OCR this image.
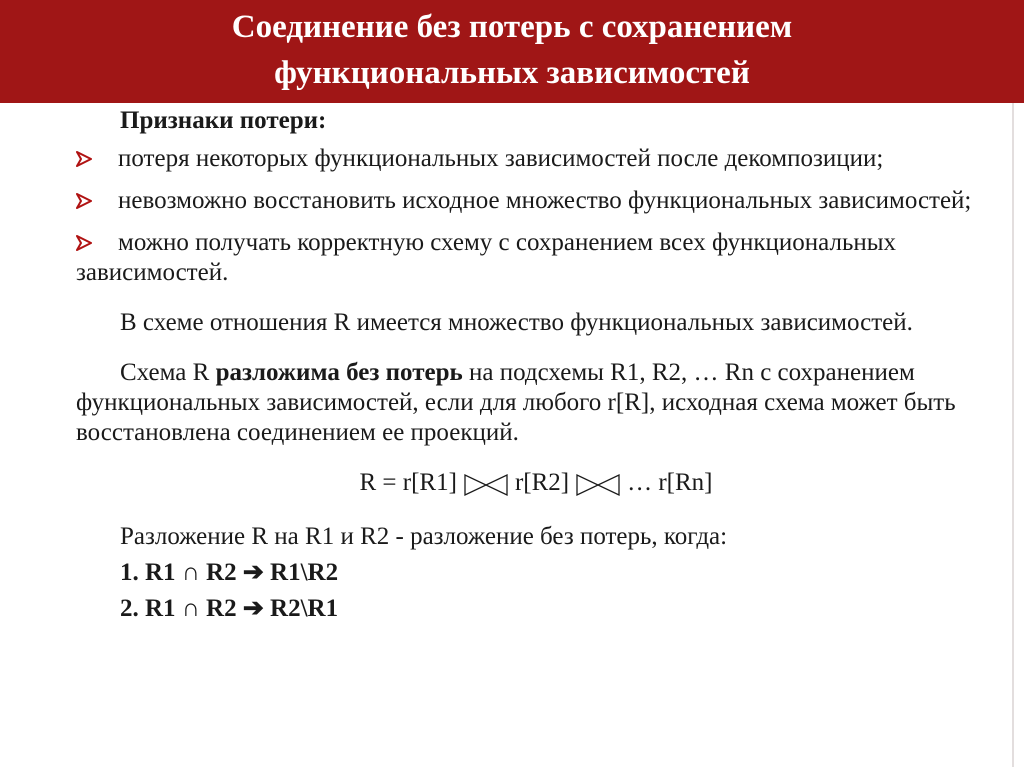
Соединение без потерь с сохранением
функциональных зависимостей

Признаки потери:

потеря некоторых функциональных зависимостей после декомпозиции;
невозможно восстановить исходное множество функциональных зависимостей;
можно получать корректную схему с сохранением всех функциональных зависимостей.

В схеме отношения R имеется множество функциональных зависимостей.

Схема R разложима без потерь на подсхемы R1, R2, … Rn с сохранением функциональных зависимостей, если для любого r[R], исходная схема может быть восстановлена соединением ее проекций.

R = r[R1] r[R2] … r[Rn]

Разложение R на R1 и R2 - разложение без потерь, когда:

1. R1 ∩ R2 ➔ R1\R2

2. R1 ∩ R2 ➔ R2\R1
